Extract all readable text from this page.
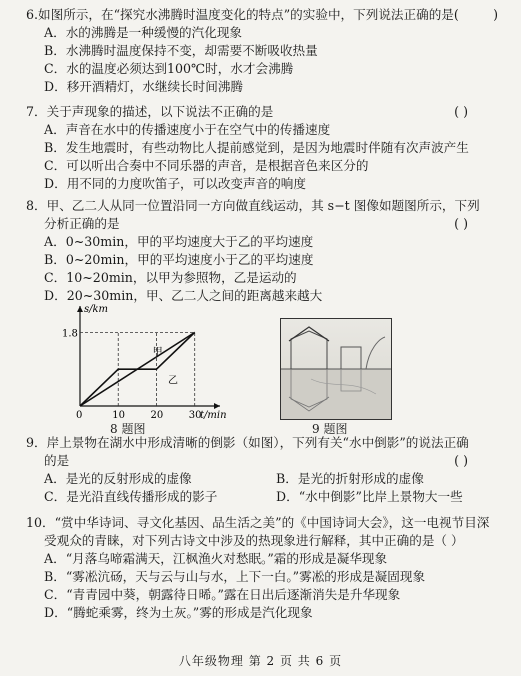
6.如图所示，在“探究水沸腾时温度变化的特点”的实验中，下列说法正确的是(	)
A．水的沸腾是一种缓慢的汽化现象
B．水沸腾时温度保持不变，却需要不断吸收热量
C．水的温度必须达到100℃时，水才会沸腾
D．移开酒精灯，水继续长时间沸腾
7．关于声现象的描述，以下说法不正确的是	( )
A．声音在水中的传播速度小于在空气中的传播速度
B．发生地震时，有些动物比人提前感觉到，是因为地震时伴随有次声波产生
C．可以听出合奏中不同乐器的声音，是根据音色来区分的
D．用不同的力度吹笛子，可以改变声音的响度
8．甲、乙二人从同一位置沿同一方向做直线运动，其 s−t 图像如题图所示，下列
分析正确的是	( )
A．0~30min，甲的平均速度大于乙的平均速度
B．0~20min，甲的平均速度小于乙的平均速度
C．10~20min，以甲为参照物，乙是运动的
D．20~30min，甲、乙二人之间的距离越来越大
s/km
t/min
0	10	20	30
1.8
甲
乙
8 题图	9 题图
9．岸上景物在湖水中形成清晰的倒影（如图），下列有关“水中倒影”的说法正确
的是	( )
A．是光的反射形成的虚像	B．是光的折射形成的虚像
C．是光沿直线传播形成的影子	D．“水中倒影”比岸上景物大一些
10．“赏中华诗词、寻文化基因、品生活之美”的《中国诗词大会》，这一电视节目深
受观众的青睐，对下列古诗文中涉及的热现象进行解释，其中正确的是（ ）
A．“月落乌啼霜满天，江枫渔火对愁眠。”霜的形成是凝华现象
B．“雾凇沆砀，天与云与山与水，上下一白。”雾凇的形成是凝固现象
C．“青青园中葵，朝露待日晞。”露在日出后逐渐消失是升华现象
D．“腾蛇乘雾，终为土灰。”雾的形成是汽化现象
八年级物理 第 2 页 共 6 页
